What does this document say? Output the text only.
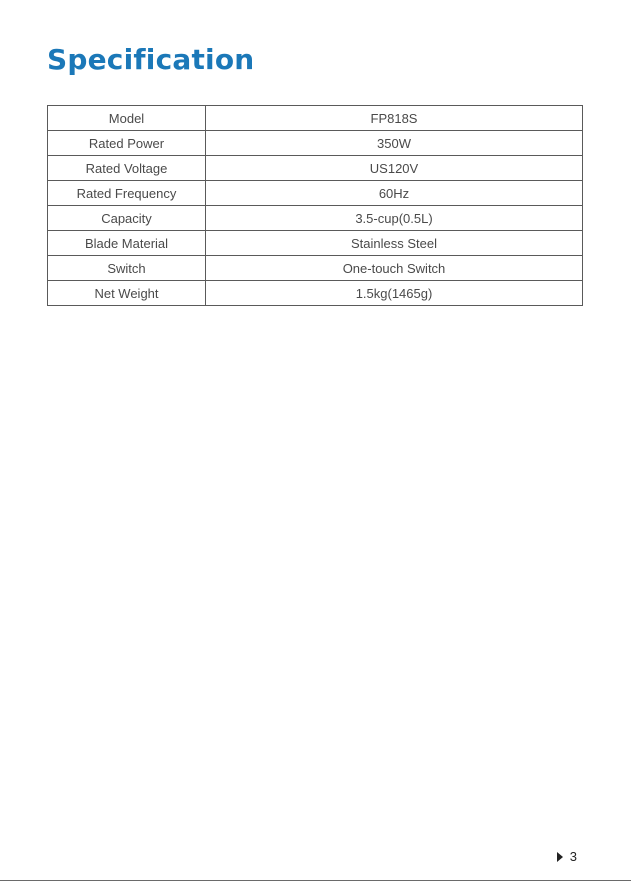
Specification
Model	FP818S
Rated Power	350W
Rated Voltage	US120V
Rated Frequency	60Hz
Capacity	3.5-cup(0.5L)
Blade Material	Stainless Steel
Switch	One-touch Switch
Net Weight	1.5kg(1465g)
3
